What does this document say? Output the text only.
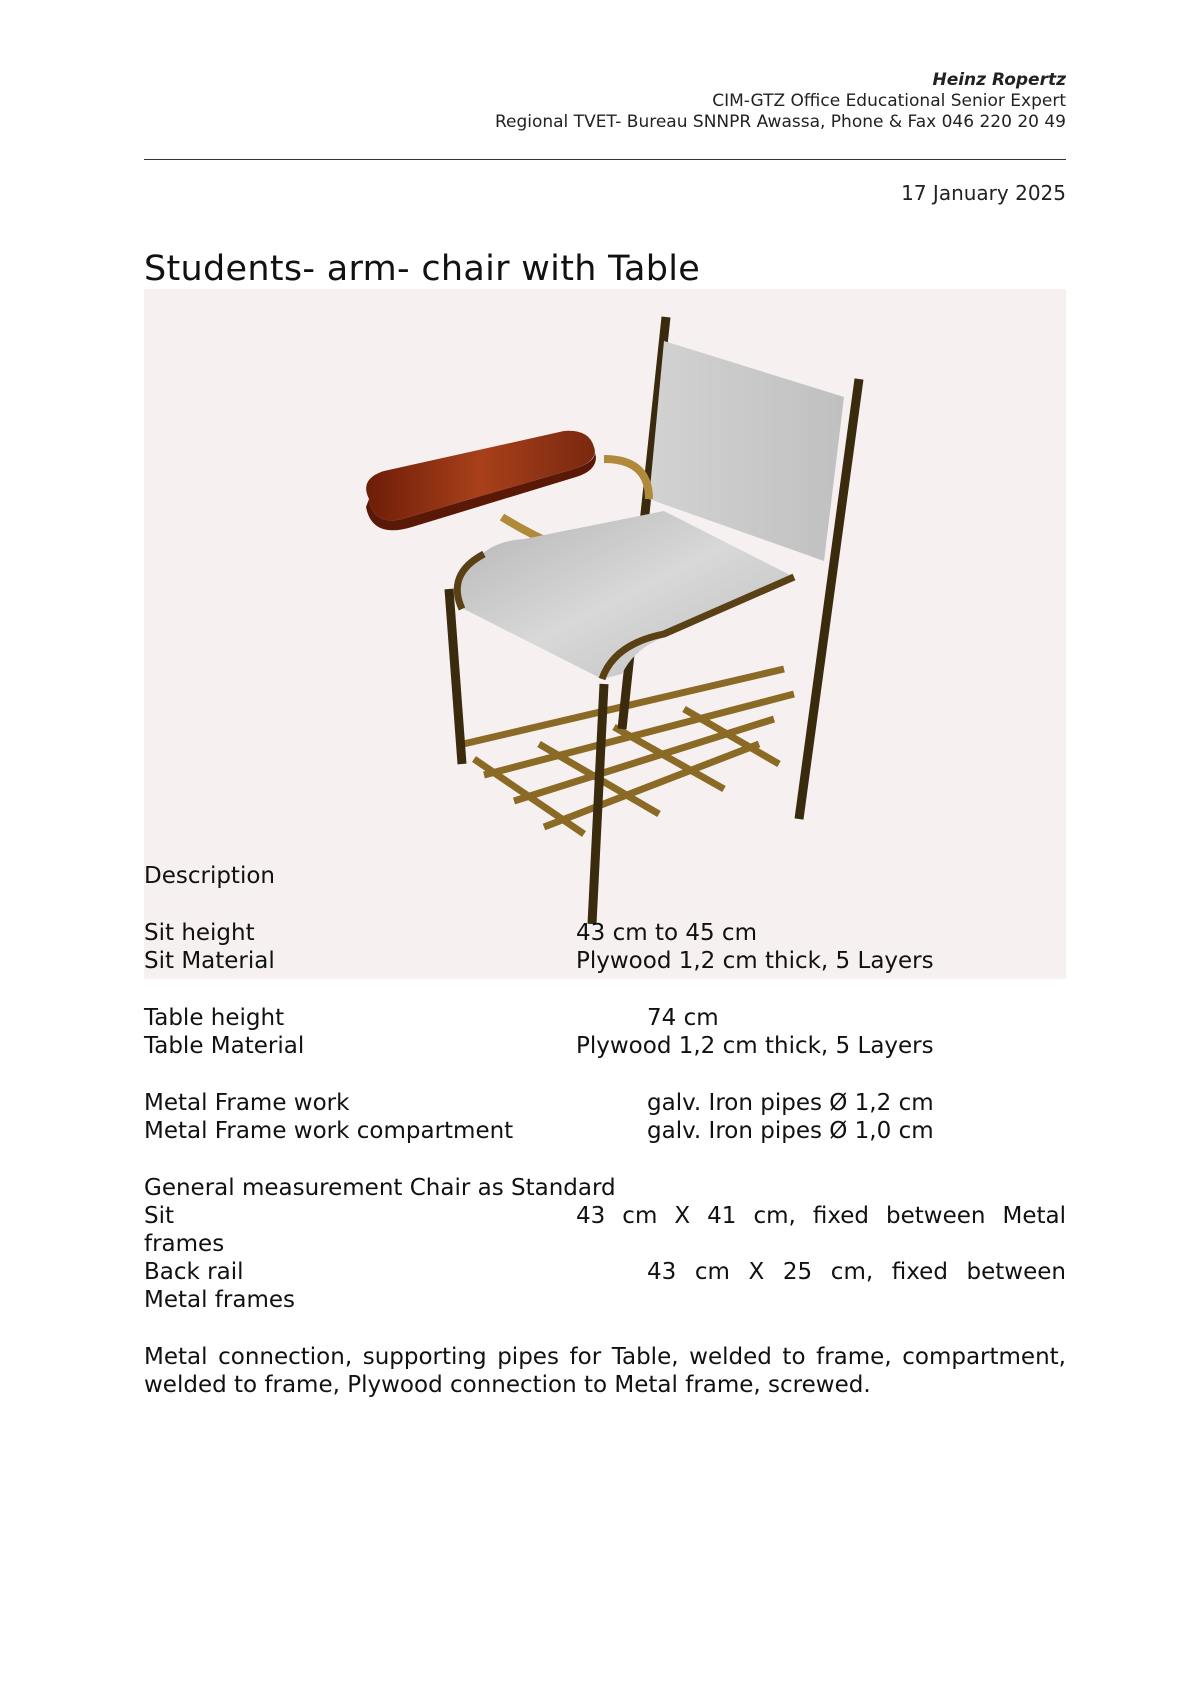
Heinz Ropertz
CIM-GTZ Office Educational Senior Expert
Regional TVET- Bureau SNNPR Awassa, Phone & Fax 046 220 20 49
17 January 2025
Students- arm- chair with Table
Description
Sit height	43 cm to 45 cm
Sit Material	Plywood 1,2 cm thick, 5 Layers
Table height	74 cm
Table Material	Plywood 1,2 cm thick, 5 Layers
Metal Frame work	galv. Iron pipes Ø 1,2 cm
Metal Frame work compartment	galv. Iron pipes Ø 1,0 cm
General measurement Chair as Standard
Sit	43 cm X 41 cm, fixed between Metal
frames
Back rail	43 cm X 25 cm, fixed between
Metal frames
Metal connection, supporting pipes for Table, welded to frame, compartment, welded to frame, Plywood connection to Metal frame, screwed.
